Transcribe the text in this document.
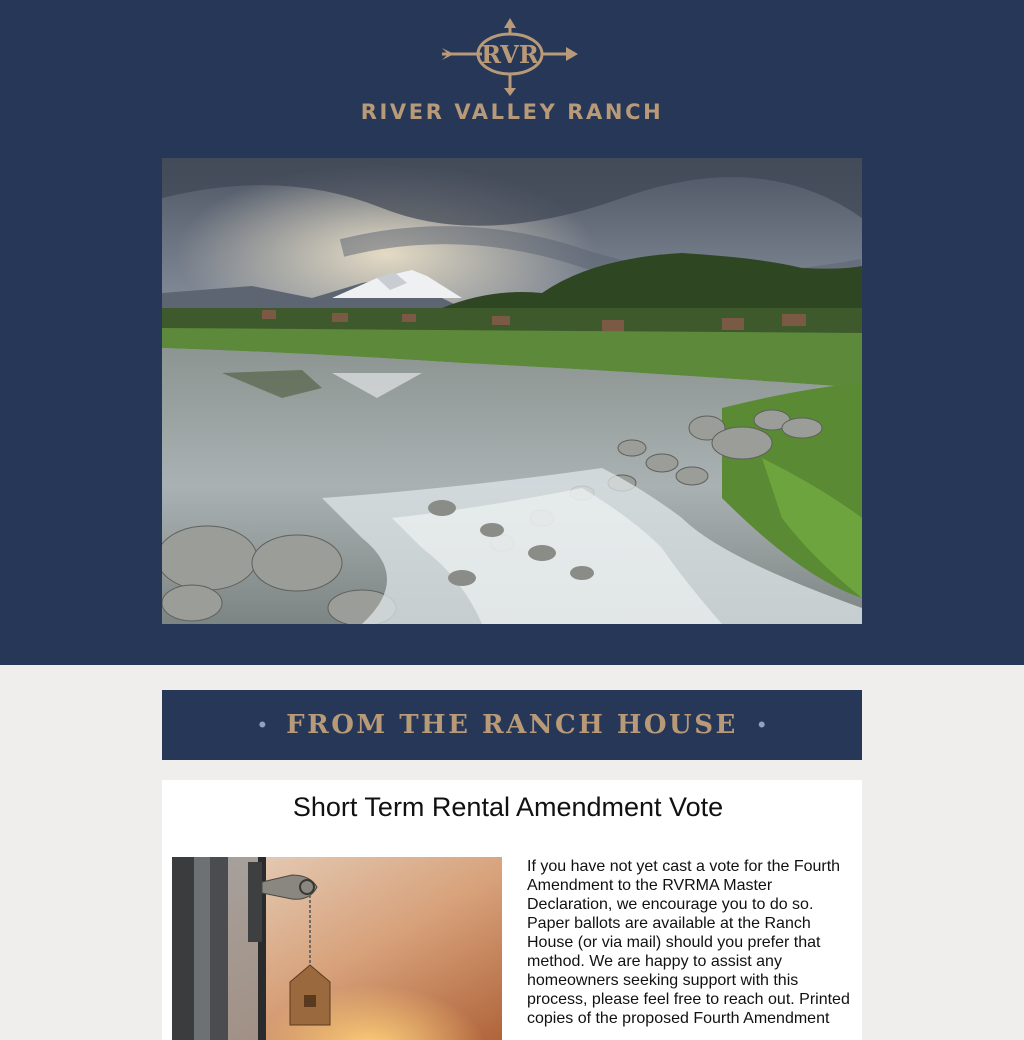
RVR
RIVER VALLEY RANCH
• FROM THE RANCH HOUSE •
Short Term Rental Amendment Vote
If you have not yet cast a vote for the Fourth Amendment to the RVRMA Master Declaration, we encourage you to do so. Paper ballots are available at the Ranch House (or via mail) should you prefer that method. We are happy to assist any homeowners seeking support with this process, please feel free to reach out. Printed copies of the proposed Fourth Amendment
